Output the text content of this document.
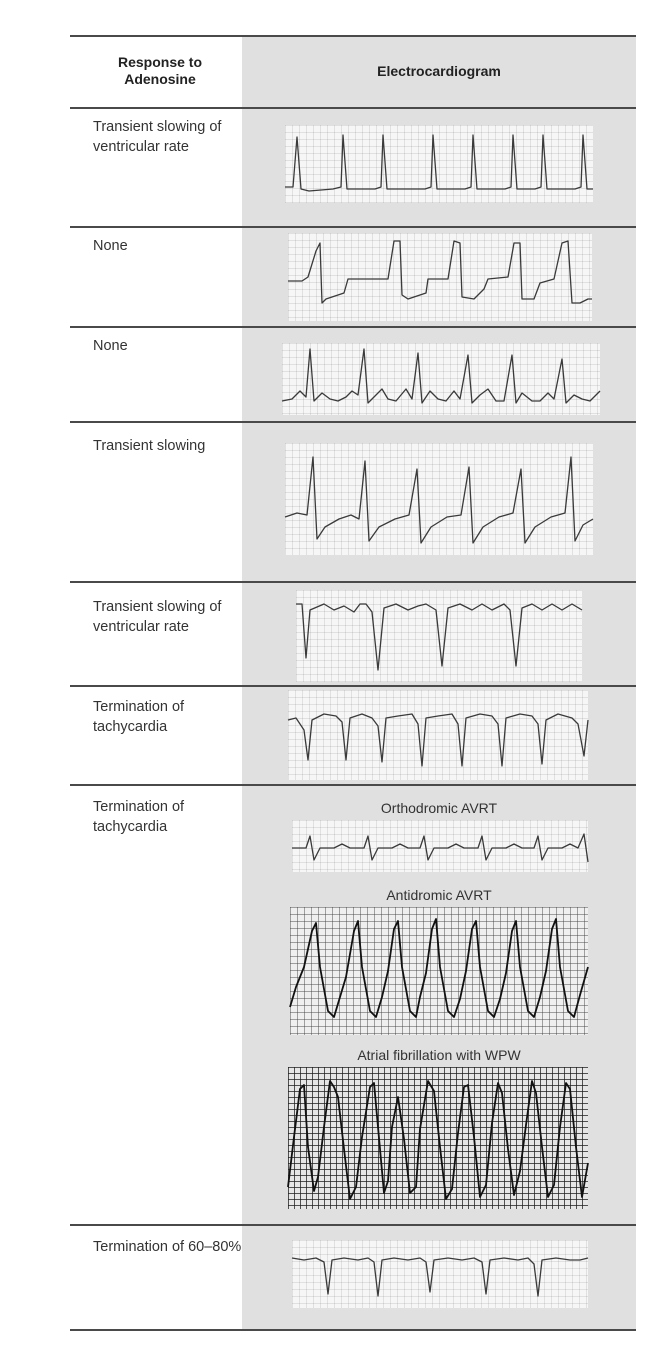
Response to Adenosine
Electrocardiogram
Transient slowing of ventricular rate
None
None
Transient slowing
Transient slowing of ventricular rate
Termination of tachycardia
Termination of tachycardia
Termination of 60–80%
Orthodromic AVRT
Antidromic AVRT
Atrial fibrillation with WPW
